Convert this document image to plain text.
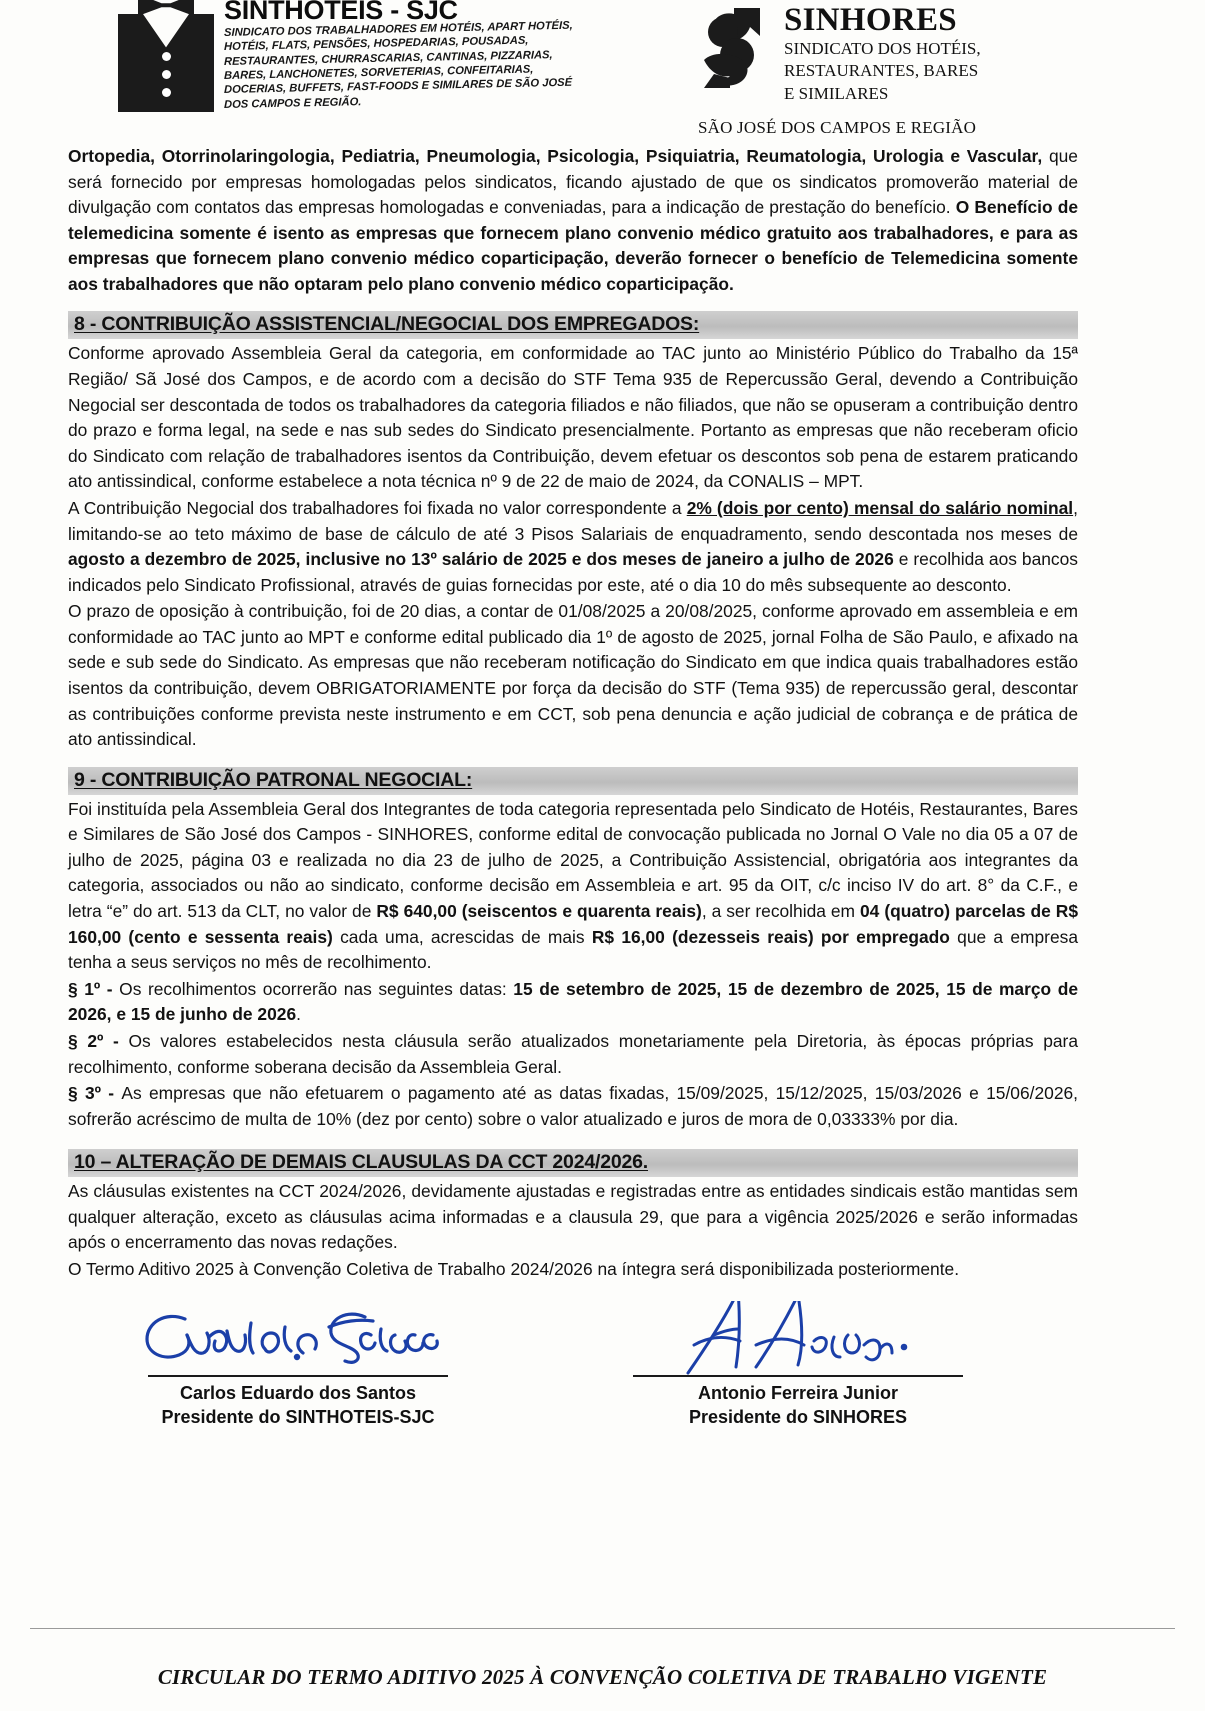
SINTHOTEIS - SJC
SINDICATO DOS TRABALHADORES EM HOTÉIS, APART HOTÉIS, HOTÉIS, FLATS, PENSÕES, HOSPEDARIAS, POUSADAS, RESTAURANTES, CHURRASCARIAS, CANTINAS, PIZZARIAS, BARES, LANCHONETES, SORVETERIAS, CONFEITARIAS, DOCERIAS, BUFFETS, FAST-FOODS E SIMILARES DE SÃO JOSÉ DOS CAMPOS E REGIÃO.
SINHORES
SINDICATO DOS HOTÉIS,
RESTAURANTES, BARES
E SIMILARES
SÃO JOSÉ DOS CAMPOS E REGIÃO

Ortopedia, Otorrinolaringologia, Pediatria, Pneumologia, Psicologia, Psiquiatria, Reumatologia, Urologia e Vascular, que será fornecido por empresas homologadas pelos sindicatos, ficando ajustado de que os sindicatos promoverão material de divulgação com contatos das empresas homologadas e conveniadas, para a indicação de prestação do benefício. O Benefício de telemedicina somente é isento as empresas que fornecem plano convenio médico gratuito aos trabalhadores, e para as empresas que fornecem plano convenio médico coparticipação, deverão fornecer o benefício de Telemedicina somente aos trabalhadores que não optaram pelo plano convenio médico coparticipação.

8 - CONTRIBUIÇÃO ASSISTENCIAL/NEGOCIAL DOS EMPREGADOS:

Conforme aprovado Assembleia Geral da categoria, em conformidade ao TAC junto ao Ministério Público do Trabalho da 15ª Região/ Sã José dos Campos, e de acordo com a decisão do STF Tema 935 de Repercussão Geral, devendo a Contribuição Negocial ser descontada de todos os trabalhadores da categoria filiados e não filiados, que não se opuseram a contribuição dentro do prazo e forma legal, na sede e nas sub sedes do Sindicato presencialmente. Portanto as empresas que não receberam oficio do Sindicato com relação de trabalhadores isentos da Contribuição, devem efetuar os descontos sob pena de estarem praticando ato antissindical, conforme estabelece a nota técnica nº 9 de 22 de maio de 2024, da CONALIS – MPT.

A Contribuição Negocial dos trabalhadores foi fixada no valor correspondente a 2% (dois por cento) mensal do salário nominal, limitando-se ao teto máximo de base de cálculo de até 3 Pisos Salariais de enquadramento, sendo descontada nos meses de agosto a dezembro de 2025, inclusive no 13º salário de 2025 e dos meses de janeiro a julho de 2026 e recolhida aos bancos indicados pelo Sindicato Profissional, através de guias fornecidas por este, até o dia 10 do mês subsequente ao desconto.

O prazo de oposição à contribuição, foi de 20 dias, a contar de 01/08/2025 a 20/08/2025, conforme aprovado em assembleia e em conformidade ao TAC junto ao MPT e conforme edital publicado dia 1º de agosto de 2025, jornal Folha de São Paulo, e afixado na sede e sub sede do Sindicato. As empresas que não receberam notificação do Sindicato em que indica quais trabalhadores estão isentos da contribuição, devem OBRIGATORIAMENTE por força da decisão do STF (Tema 935) de repercussão geral, descontar as contribuições conforme prevista neste instrumento e em CCT, sob pena denuncia e ação judicial de cobrança e de prática de ato antissindical.

9 - CONTRIBUIÇÃO PATRONAL NEGOCIAL:

Foi instituída pela Assembleia Geral dos Integrantes de toda categoria representada pelo Sindicato de Hotéis, Restaurantes, Bares e Similares de São José dos Campos - SINHORES, conforme edital de convocação publicada no Jornal O Vale no dia 05 a 07 de julho de 2025, página 03 e realizada no dia 23 de julho de 2025, a Contribuição Assistencial, obrigatória aos integrantes da categoria, associados ou não ao sindicato, conforme decisão em Assembleia e art. 95 da OIT, c/c inciso IV do art. 8° da C.F., e letra “e” do art. 513 da CLT, no valor de R$ 640,00 (seiscentos e quarenta reais), a ser recolhida em 04 (quatro) parcelas de R$ 160,00 (cento e sessenta reais) cada uma, acrescidas de mais R$ 16,00 (dezesseis reais) por empregado que a empresa tenha a seus serviços no mês de recolhimento.

§ 1º - Os recolhimentos ocorrerão nas seguintes datas: 15 de setembro de 2025, 15 de dezembro de 2025, 15 de março de 2026, e 15 de junho de 2026.

§ 2º - Os valores estabelecidos nesta cláusula serão atualizados monetariamente pela Diretoria, às épocas próprias para recolhimento, conforme soberana decisão da Assembleia Geral.

§ 3º - As empresas que não efetuarem o pagamento até as datas fixadas, 15/09/2025, 15/12/2025, 15/03/2026 e 15/06/2026, sofrerão acréscimo de multa de 10% (dez por cento) sobre o valor atualizado e juros de mora de 0,03333% por dia.

10 – ALTERAÇÃO DE DEMAIS CLAUSULAS DA CCT 2024/2026.

As cláusulas existentes na CCT 2024/2026, devidamente ajustadas e registradas entre as entidades sindicais estão mantidas sem qualquer alteração, exceto as cláusulas acima informadas e a clausula 29, que para a vigência 2025/2026 e serão informadas após o encerramento das novas redações.

O Termo Aditivo 2025 à Convenção Coletiva de Trabalho 2024/2026 na íntegra será disponibilizada posteriormente.

Carlos Eduardo dos Santos
Presidente do SINTHOTEIS-SJC
Antonio Ferreira Junior
Presidente do SINHORES
CIRCULAR DO TERMO ADITIVO 2025 À CONVENÇÃO COLETIVA DE TRABALHO VIGENTE
